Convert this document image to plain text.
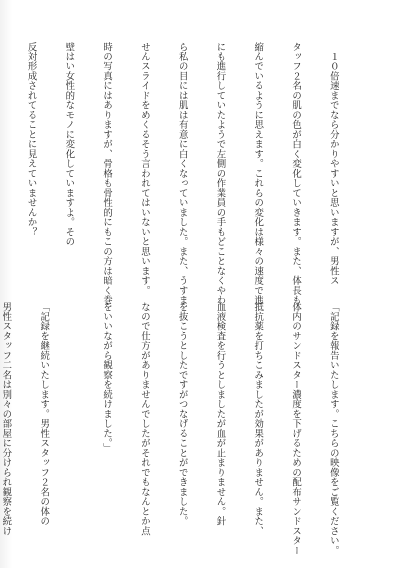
　１０倍速までなら分かりやすいと思いますが、男性ス

タッフ２名の肌の色が白く変化していきます。また、体長も

縮んでいるように思えます。これらの変化は様々の速度で進

にも進行していたようで左側の作業員の手もどことなくやわ

ら私の目には肌は有意に白くなっていました。また、うすま

せんスライドをめくるそう言われてはいないと思います。

時の写真にはありますが、骨格も骨性的にもこの方は暗く巻

壁はい女性的なモノに変化していますよ。その

反対形成されてることに見えていませんか？

「記録を報告いたします。こちらの映像をご覧ください。

体内のサンドスター濃度を下げるための配布サンドスター

抵抗薬を打ちこみましたが効果がありません。また、

血液検査を行うとしましたが血が止まりません。針

を抜こうとしたですがつなげることができました。

なので仕方がありませんでしたがそれでもなんとか点

をいいながら観察を続けました。」

「記録を継続いたします。男性スタッフ２名の体の

男性スタッフ二名は別々の部屋に分けられ観察を続け
